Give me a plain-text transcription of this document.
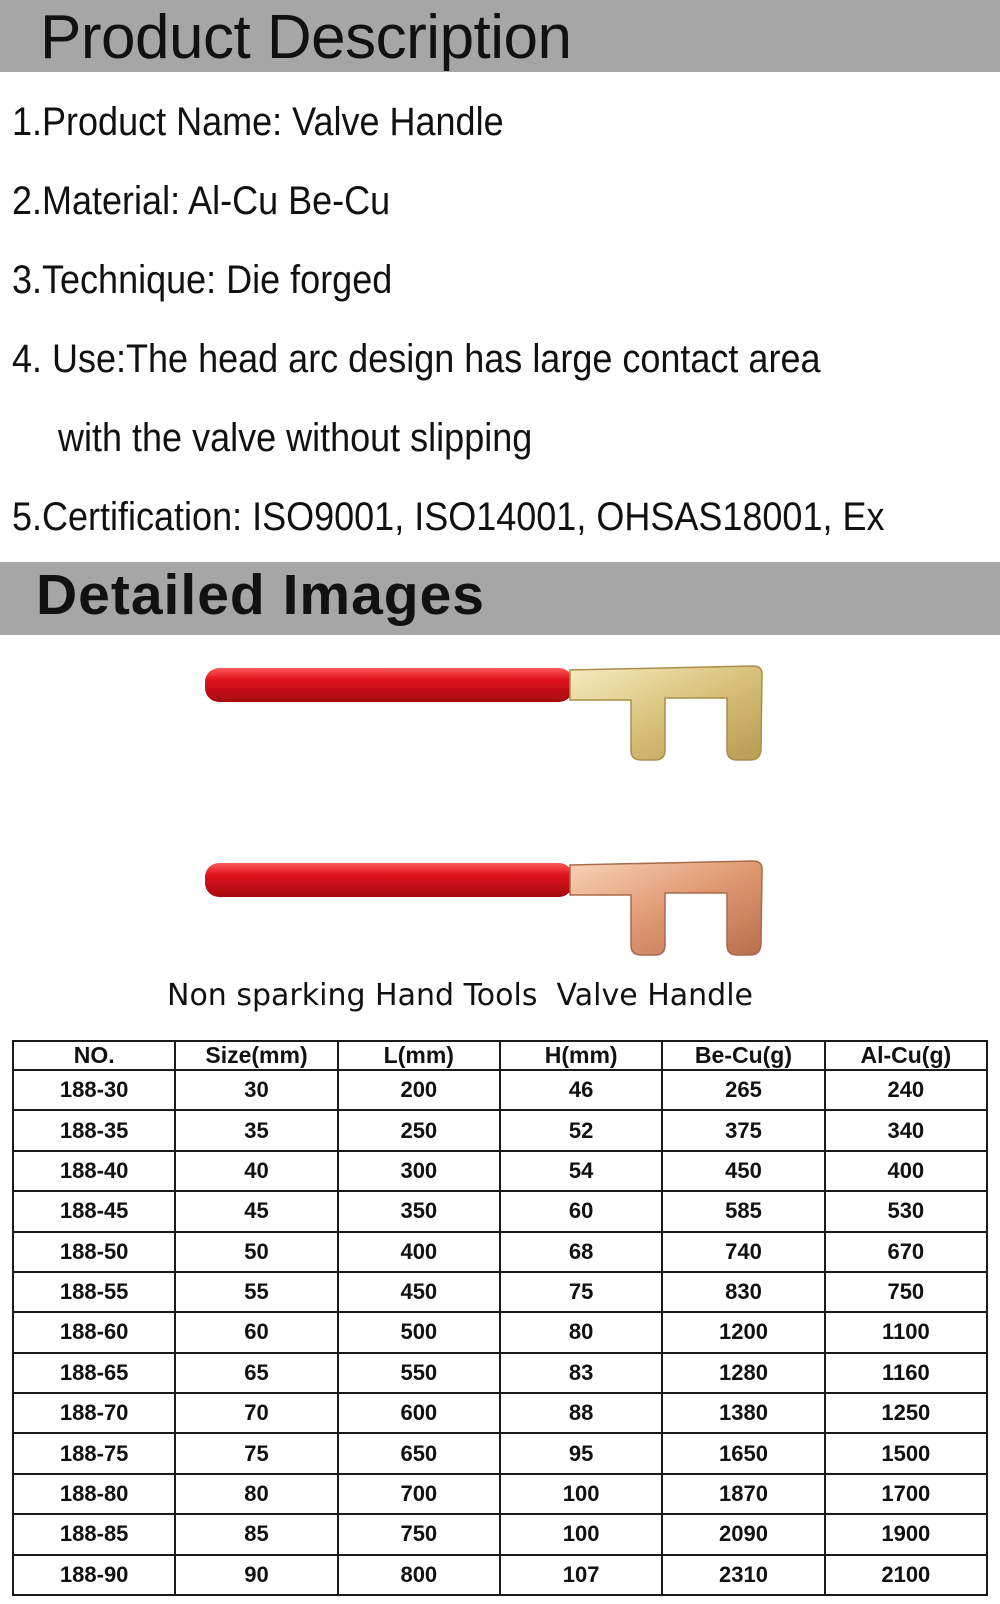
Product Description
1.Product Name: Valve Handle
2.Material: Al-Cu Be-Cu
3.Technique: Die forged
4. Use:The head arc design has large contact area
with the valve without slipping
5.Certification: ISO9001, ISO14001, OHSAS18001, Ex
Detailed Images
Non sparking Hand Tools  Valve Handle
NO.	Size(mm)	L(mm)	H(mm)	Be-Cu(g)	Al-Cu(g)
188-30	30	200	46	265	240
188-35	35	250	52	375	340
188-40	40	300	54	450	400
188-45	45	350	60	585	530
188-50	50	400	68	740	670
188-55	55	450	75	830	750
188-60	60	500	80	1200	1100
188-65	65	550	83	1280	1160
188-70	70	600	88	1380	1250
188-75	75	650	95	1650	1500
188-80	80	700	100	1870	1700
188-85	85	750	100	2090	1900
188-90	90	800	107	2310	2100
